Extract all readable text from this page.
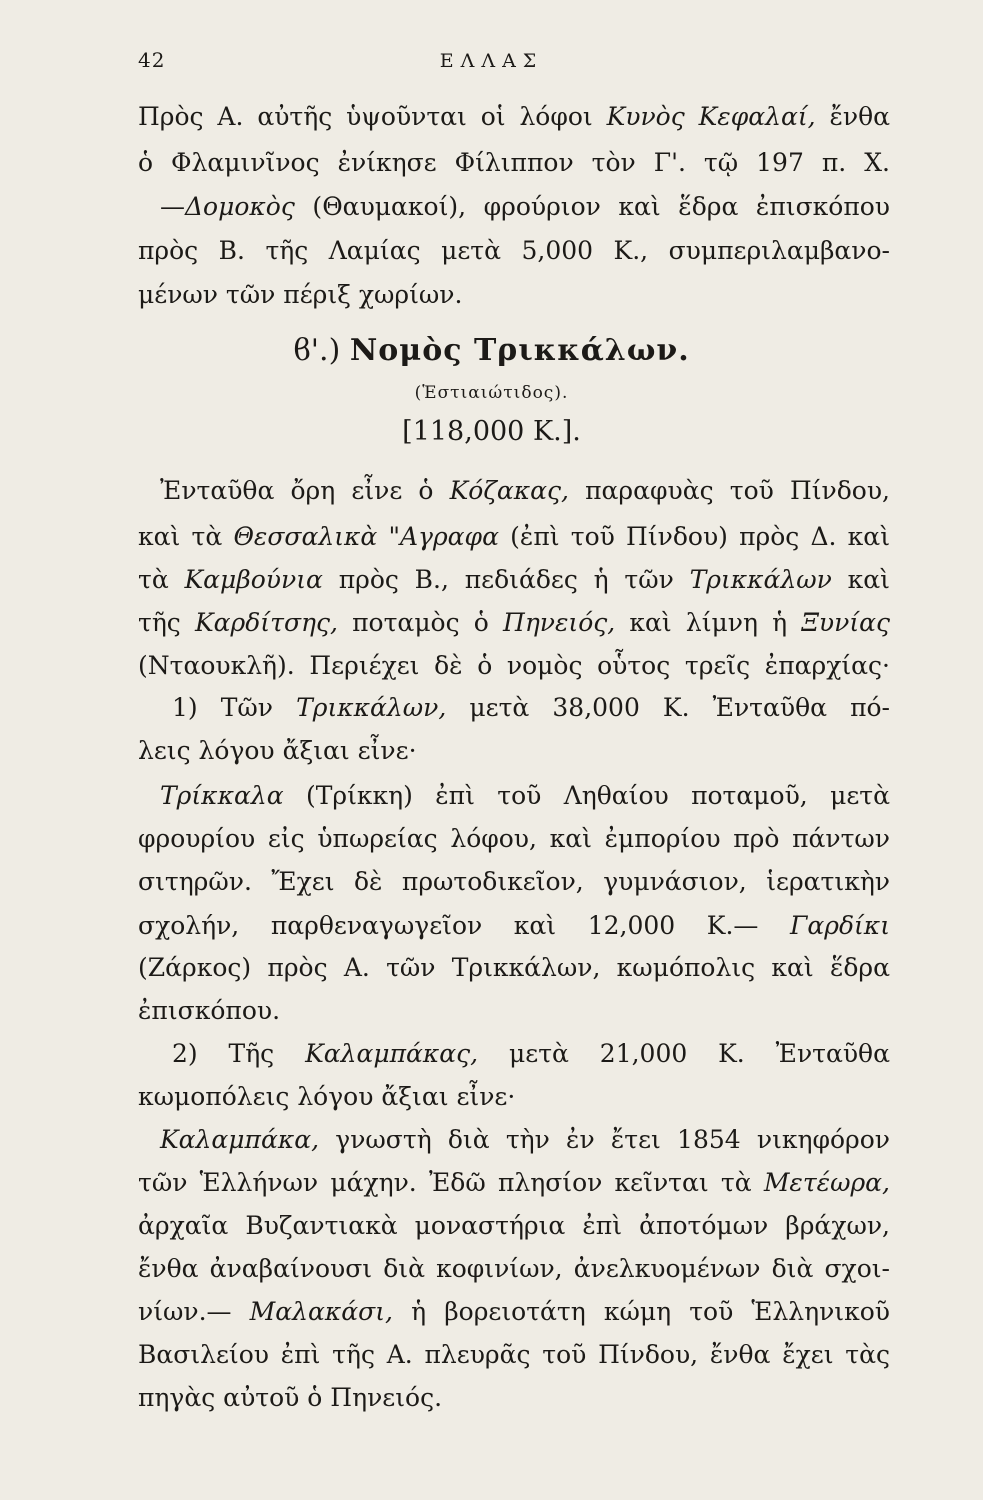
42	ΕΛΛΑΣ
Πρὸς Α. αὐτῆς ὑψοῦνται οἱ λόφοι Κυνὸς Κεφαλαί, ἔνθα
ὁ Φλαμινῖνος ἐνίκησε Φίλιππον τὸν Γ'. τῷ 197 π. Χ.
—Δομοκὸς (Θαυμακοί), φρούριον καὶ ἕδρα ἐπισκόπου
πρὸς Β. τῆς Λαμίας μετὰ 5,000 Κ., συμπεριλαμβανο-
μένων τῶν πέριξ χωρίων.
ϐ'.) Νομὸς Τρικκάλων.
(Ἑστιαιώτιδος).
[118,000 Κ.].
Ἐνταῦθα ὄρη εἶνε ὁ Κόζακας, παραφυὰς τοῦ Πίνδου,
καὶ τὰ Θεσσαλικὰ "Αγραφα (ἐπὶ τοῦ Πίνδου) πρὸς Δ. καὶ
τὰ Καμβούνια πρὸς Β., πεδιάδες ἡ τῶν Τρικκάλων καὶ
τῆς Καρδίτσης, ποταμὸς ὁ Πηνειός, καὶ λίμνη ἡ Ξυνίας
(Νταουκλῆ). Περιέχει δὲ ὁ νομὸς οὗτος τρεῖς ἐπαρχίας·
1) Τῶν Τρικκάλων, μετὰ 38,000 Κ. Ἐνταῦθα πό-
λεις λόγου ἄξιαι εἶνε·
Τρίκκαλα (Τρίκκη) ἐπὶ τοῦ Ληθαίου ποταμοῦ, μετὰ
φρουρίου εἰς ὑπωρείας λόφου, καὶ ἐμπορίου πρὸ πάντων
σιτηρῶν. Ἔχει δὲ πρωτοδικεῖον, γυμνάσιον, ἱερατικὴν
σχολήν, παρθεναγωγεῖον καὶ 12,000 Κ.— Γαρδίκι
(Ζάρκος) πρὸς Α. τῶν Τρικκάλων, κωμόπολις καὶ ἕδρα
ἐπισκόπου.
2) Τῆς Καλαμπάκας, μετὰ 21,000 Κ. Ἐνταῦθα
κωμοπόλεις λόγου ἄξιαι εἶνε·
Καλαμπάκα, γνωστὴ διὰ τὴν ἐν ἔτει 1854 νικηφόρον
τῶν Ἑλλήνων μάχην. Ἐδῶ πλησίον κεῖνται τὰ Μετέωρα,
ἀρχαῖα Βυζαντιακὰ μοναστήρια ἐπὶ ἀποτόμων βράχων,
ἔνθα ἀναβαίνουσι διὰ κοφινίων, ἀνελκυομένων διὰ σχοι-
νίων.— Μαλακάσι, ἡ βορειοτάτη κώμη τοῦ Ἑλληνικοῦ
Βασιλείου ἐπὶ τῆς Α. πλευρᾶς τοῦ Πίνδου, ἔνθα ἔχει τὰς
πηγὰς αὐτοῦ ὁ Πηνειός.
